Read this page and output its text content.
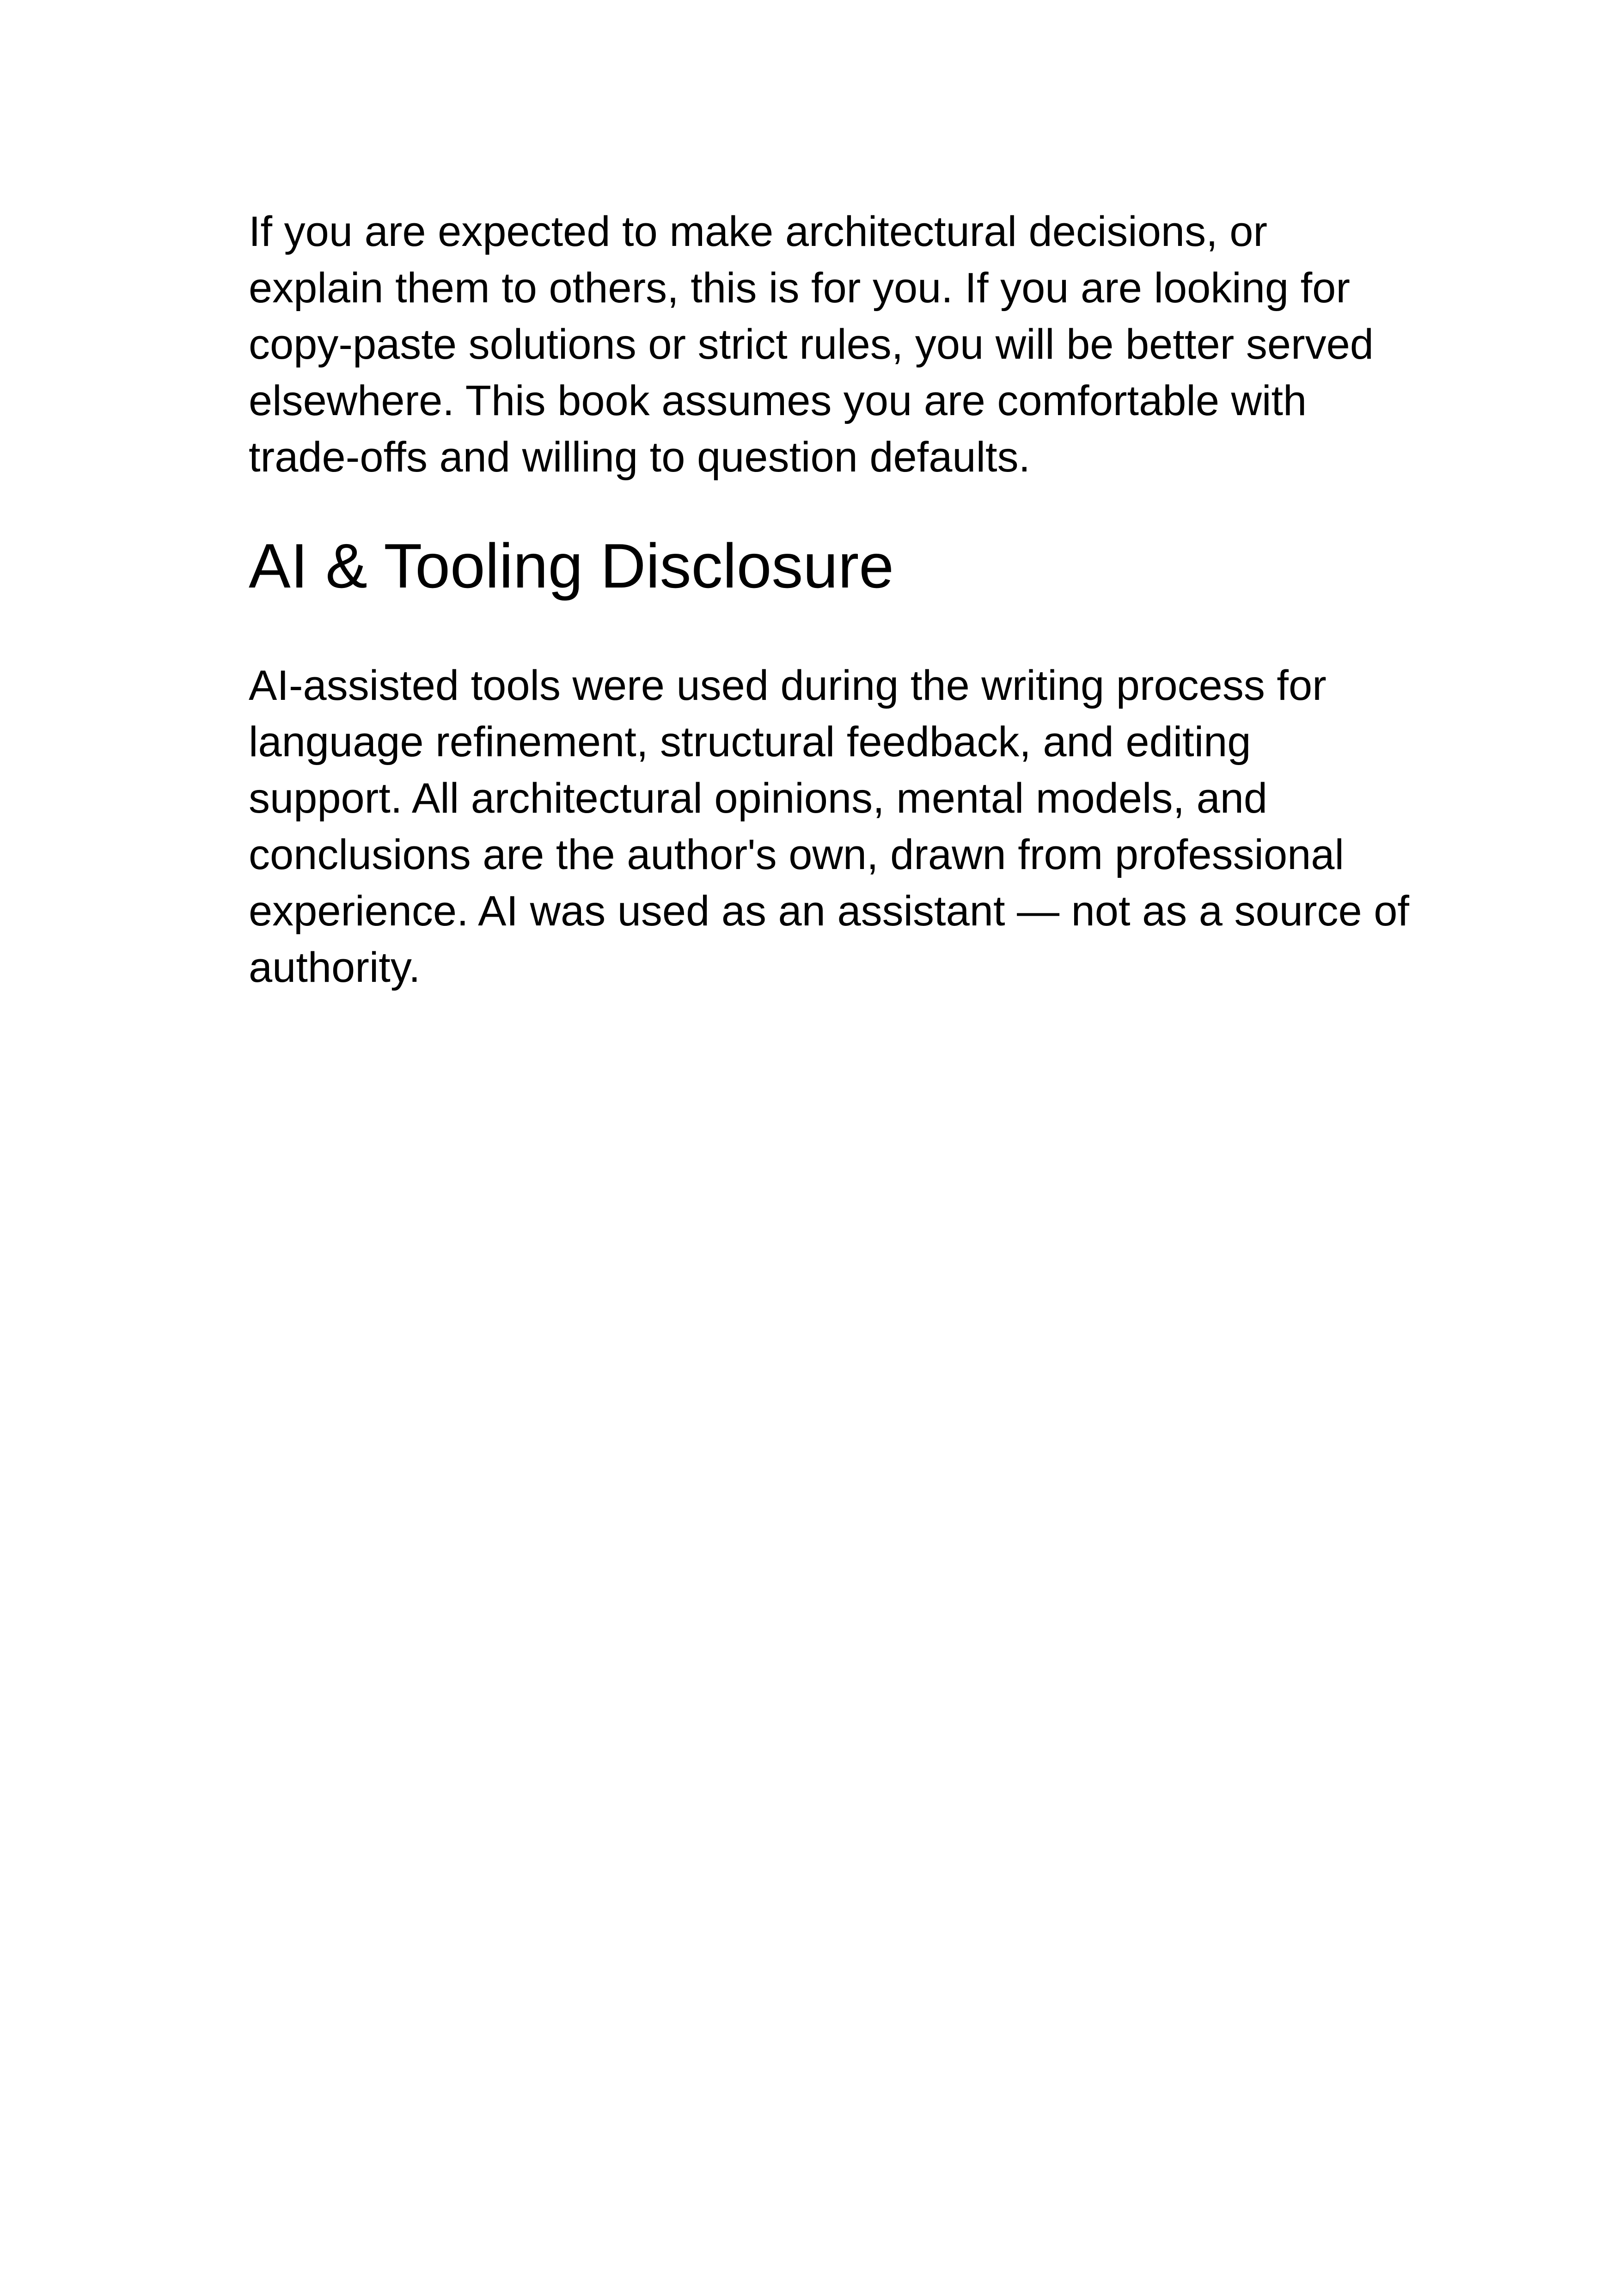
If you are expected to make architectural decisions, or
explain them to others, this is for you. If you are looking for
copy-paste solutions or strict rules, you will be better served
elsewhere. This book assumes you are comfortable with
trade-offs and willing to question defaults.

AI & Tooling Disclosure

AI-assisted tools were used during the writing process for
language refinement, structural feedback, and editing
support. All architectural opinions, mental models, and
conclusions are the author's own, drawn from professional
experience. AI was used as an assistant — not as a source of
authority.
